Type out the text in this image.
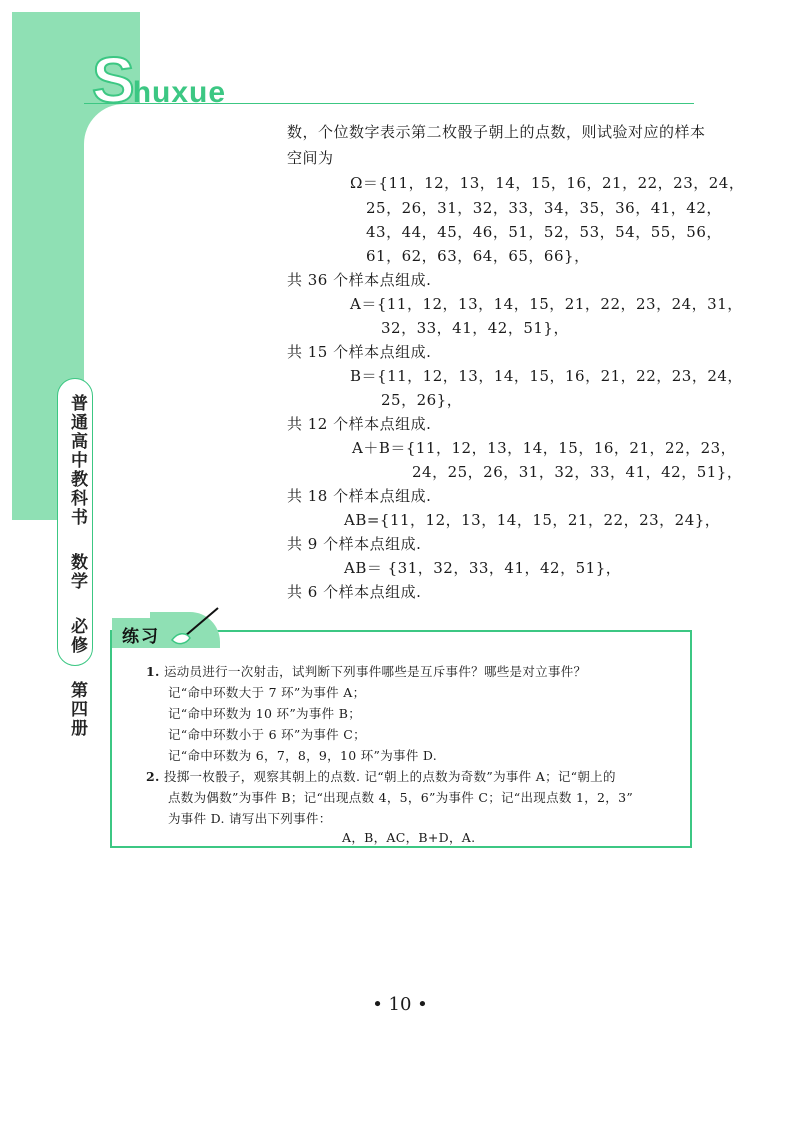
Shuxue
普通高中教科书 数学 必修 第四册
数，个位数字表示第二枚骰子朝上的点数，则试验对应的样本
空间为
Ω＝{11，12，13，14，15，16，21，22，23，24，
25，26，31，32，33，34，35，36，41，42，
43，44，45，46，51，52，53，54，55，56，
61，62，63，64，65，66}，
共 36 个样本点组成.
A＝{11，12，13，14，15，21，22，23，24，31，
32，33，41，42，51}，
共 15 个样本点组成.
B＝{11，12，13，14，15，16，21，22，23，24，
25，26}，
共 12 个样本点组成.
A＋B＝{11，12，13，14，15，16，21，22，23，
24，25，26，31，32，33，41，42，51}，
共 18 个样本点组成.
AB={11，12，13，14，15，21，22，23，24}，
共 9 个样本点组成.
AB＝ {31，32，33，41，42，51}，
共 6 个样本点组成.
练习
1. 运动员进行一次射击，试判断下列事件哪些是互斥事件？哪些是对立事件？
记“命中环数大于 7 环”为事件 A；
记“命中环数为 10 环”为事件 B；
记“命中环数小于 6 环”为事件 C；
记“命中环数为 6，7，8，9，10 环”为事件 D.
2. 投掷一枚骰子，观察其朝上的点数. 记“朝上的点数为奇数”为事件 A；记“朝上的
点数为偶数”为事件 B；记“出现点数 4，5，6”为事件 C；记“出现点数 1，2，3”
为事件 D. 请写出下列事件：
A，B，AC，B+D，A.
• 10 •
